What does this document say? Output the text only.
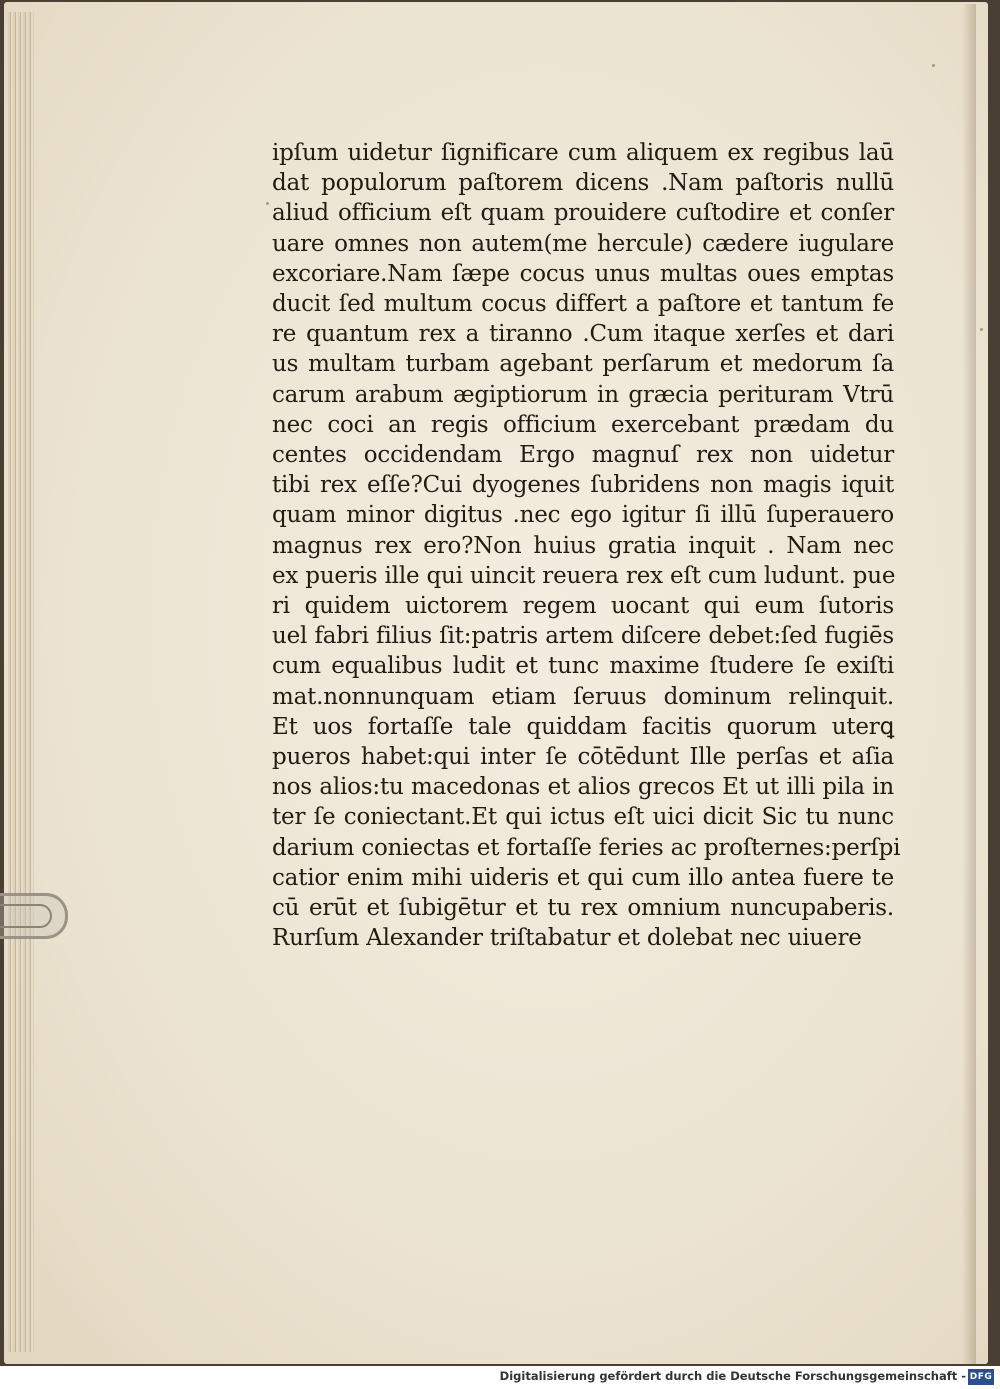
ipſum uidetur ſignificare cum aliquem ex regibus laū
dat populorum paſtorem dicens .Nam paſtoris nullū
aliud officium eſt quam prouidere cuſtodire et conſer
uare omnes non autem(me hercule) cædere iugulare
excoriare.Nam ſæpe cocus unus multas oues emptas
ducit ſed multum cocus differt a paſtore et tantum fe
re quantum rex a tiranno .Cum itaque xerſes et dari
us multam turbam agebant perſarum et medorum ſa
carum arabum ægiptiorum in græcia perituram Vtrū
nec coci an regis officium exercebant prædam du
centes occidendam Ergo magnuſ rex non uidetur
tibi rex eſſe?Cui dyogenes ſubridens non magis iquit
quam minor digitus .nec ego igitur ſi illū ſuperauero
magnus rex ero?Non huius gratia inquit . Nam nec
ex pueris ille qui uincit reuera rex eſt cum ludunt. pue
ri quidem uictorem regem uocant qui eum ſutoris
uel fabri filius ſit:patris artem diſcere debet:ſed fugiēs
cum equalibus ludit et tunc maxime ſtudere ſe exiſti
mat.nonnunquam etiam ſeruus dominum relinquit.
Et uos fortaſſe tale quiddam facitis quorum uterꝗ
pueros habet:qui inter ſe cōtēdunt Ille perſas et aſia
nos alios:tu macedonas et alios grecos Et ut illi pila in
ter ſe coniectant.Et qui ictus eſt uici dicit Sic tu nunc
darium coniectas et fortaſſe feries ac proſternes:perſpi
catior enim mihi uideris et qui cum illo antea fuere te
cū erūt et ſubigētur et tu rex omnium nuncupaberis.
Rurſum Alexander triſtabatur et dolebat nec uiuere
Digitalisierung gefördert durch die Deutsche Forschungsgemeinschaft - DFG
